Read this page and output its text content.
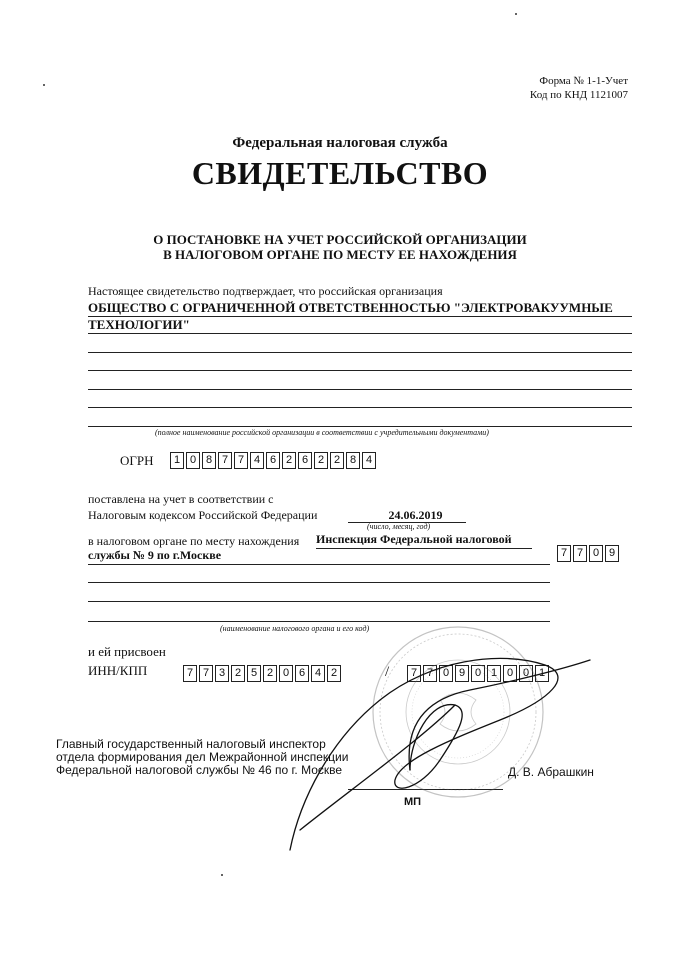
Форма № 1-1-Учет
Код по КНД 1121007
Федеральная налоговая служба
СВИДЕТЕЛЬСТВО
О ПОСТАНОВКЕ НА УЧЕТ РОССИЙСКОЙ ОРГАНИЗАЦИИ
В НАЛОГОВОМ ОРГАНЕ ПО МЕСТУ ЕЕ НАХОЖДЕНИЯ
Настоящее свидетельство подтверждает, что российская организация
ОБЩЕСТВО С ОГРАНИЧЕННОЙ ОТВЕТСТВЕННОСТЬЮ "ЭЛЕКТРОВАКУУМНЫЕ ТЕХНОЛОГИИ"
(полное наименование российской организации в соответствии с учредительными документами)
ОГРН	1 0 8 7 7 4 6 2 6 2 2 8 4
поставлена на учет в соответствии с
Налоговым кодексом Российской Федерации	24.06.2019
(число, месяц, год)
в налоговом органе по месту нахождения Инспекция Федеральной налоговой
службы № 9 по г.Москве	7 7 0 9
(наименование налогового органа и его код)
и ей присвоен
ИНН/КПП	7 7 3 2 5 2 0 6 4 2	/	7 7 0 9 0 1 0 0 1
Главный государственный налоговый инспектор
отдела формирования дел Межрайонной инспекции
Федеральной налоговой службы № 46 по г. Москве	Д. В. Абрашкин
МП
